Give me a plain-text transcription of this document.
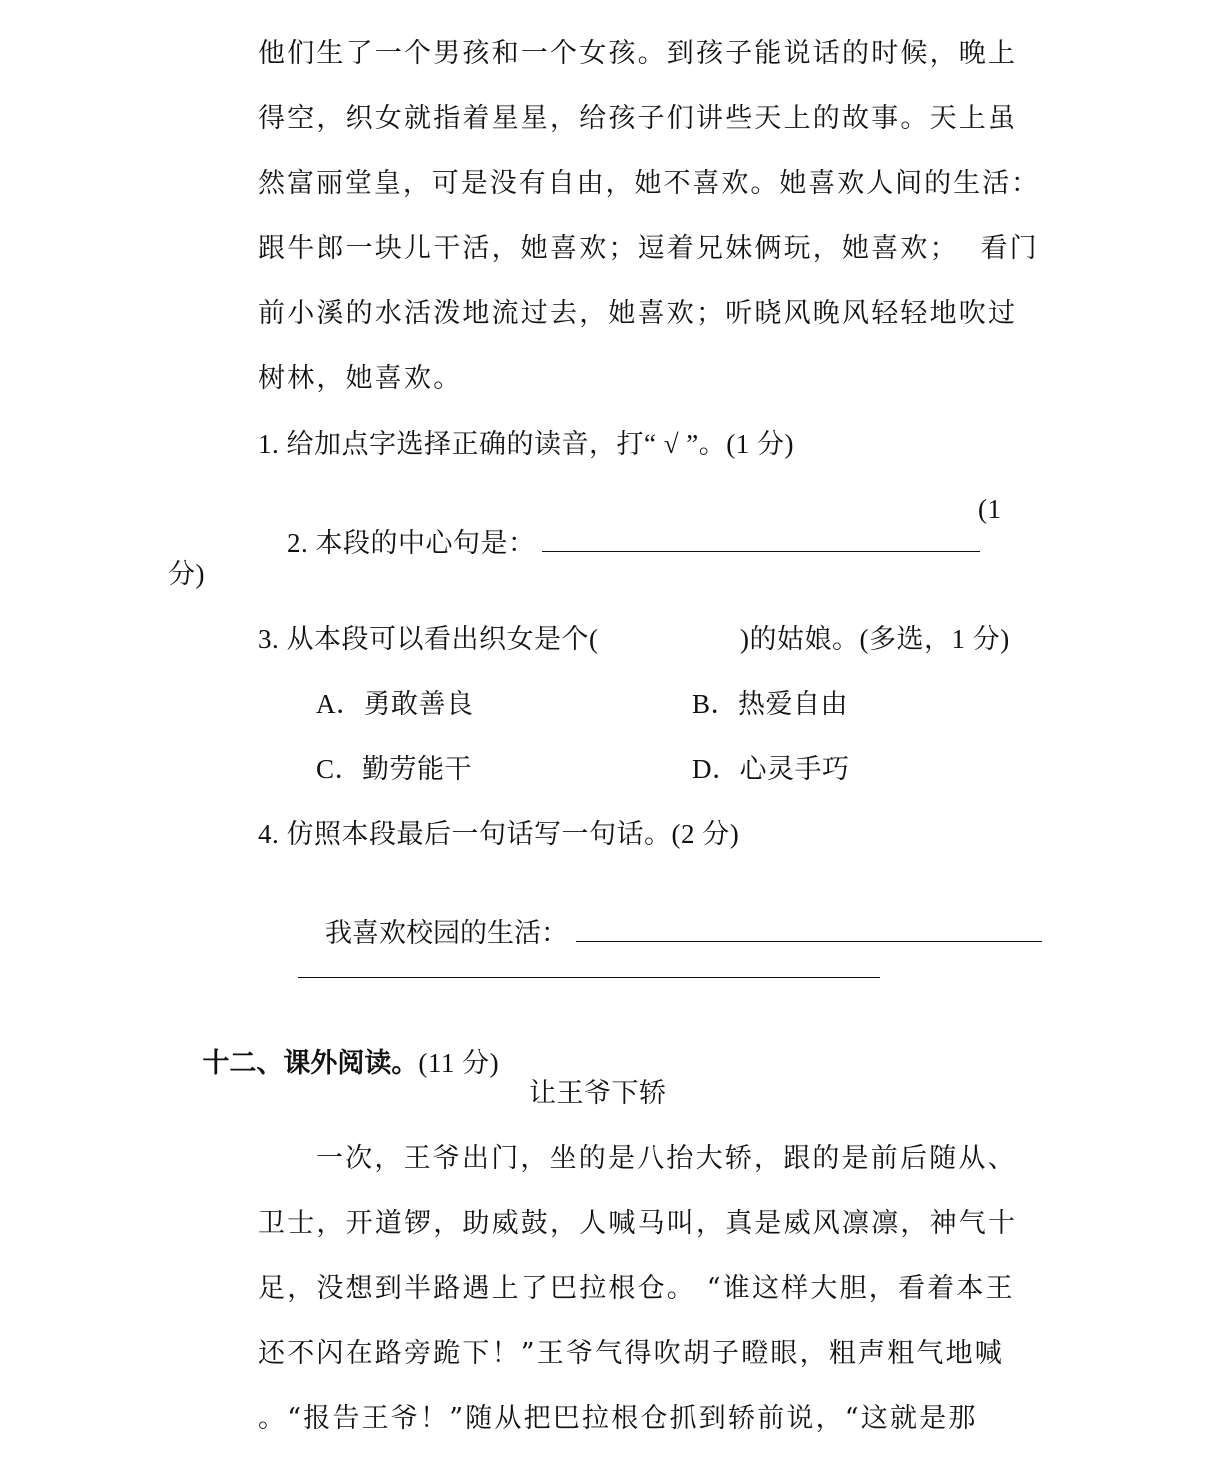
他们生了一个男孩和一个女孩。到孩子能说话的时候，晚上
得空，织女就指着星星，给孩子们讲些天上的故事。天上虽
然富丽堂皇，可是没有自由，她不喜欢。她喜欢人间的生活：
跟牛郎一块儿干活，她喜欢；逗着兄妹俩玩，她喜欢；  看门
前小溪的水活泼地流过去，她喜欢；听晓风晚风轻轻地吹过
树林，她喜欢。
1. 给加点字选择正确的读音，打“ √ ”。(1 分)

2. 本段的中心句是：

(1
分)
3. 从本段可以看出织女是个(	)的姑娘。(多选，1 分)
A．勇敢善良	B．热爱自由
C．勤劳能干	D．心灵手巧
4. 仿照本段最后一句话写一句话。(2 分)

我喜欢校园的生活：

十二、课外阅读。(11 分)

让王爷下轿
一次，王爷出门，坐的是八抬大轿，跟的是前后随从、
卫士，开道锣，助威鼓，人喊马叫，真是威风凛凛，神气十
足，没想到半路遇上了巴拉根仓。 “谁这样大胆，看着本王
还不闪在路旁跪下！”王爷气得吹胡子瞪眼，粗声粗气地喊
。“报告王爷！”随从把巴拉根仓抓到轿前说，“这就是那
